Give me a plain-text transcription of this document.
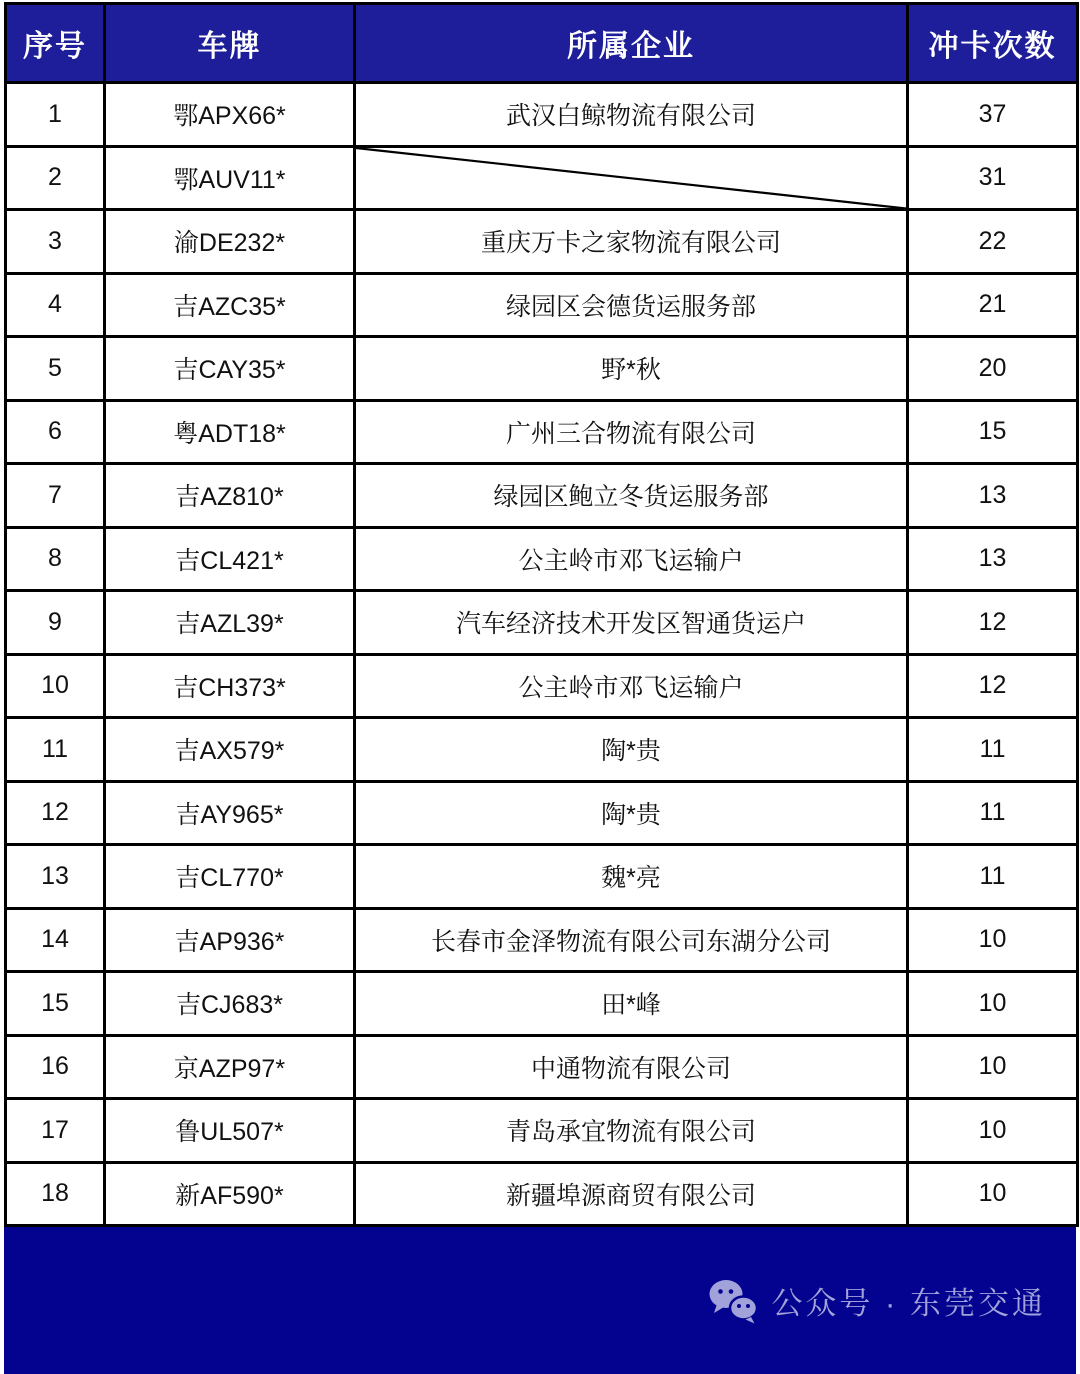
序号	车牌	所属企业	冲卡次数
1	鄂APX66*	武汉白鲸物流有限公司	37
2	鄂AUV11*		31
3	渝DE232*	重庆万卡之家物流有限公司	22
4	吉AZC35*	绿园区会德货运服务部	21
5	吉CAY35*	野*秋	20
6	粤ADT18*	广州三合物流有限公司	15
7	吉AZ810*	绿园区鲍立冬货运服务部	13
8	吉CL421*	公主岭市邓飞运输户	13
9	吉AZL39*	汽车经济技术开发区智通货运户	12
10	吉CH373*	公主岭市邓飞运输户	12
11	吉AX579*	陶*贵	11
12	吉AY965*	陶*贵	11
13	吉CL770*	魏*亮	11
14	吉AP936*	长春市金泽物流有限公司东湖分公司	10
15	吉CJ683*	田*峰	10
16	京AZP97*	中通物流有限公司	10
17	鲁UL507*	青岛承宜物流有限公司	10
18	新AF590*	新疆埠源商贸有限公司	10
公众号 · 东莞交通
